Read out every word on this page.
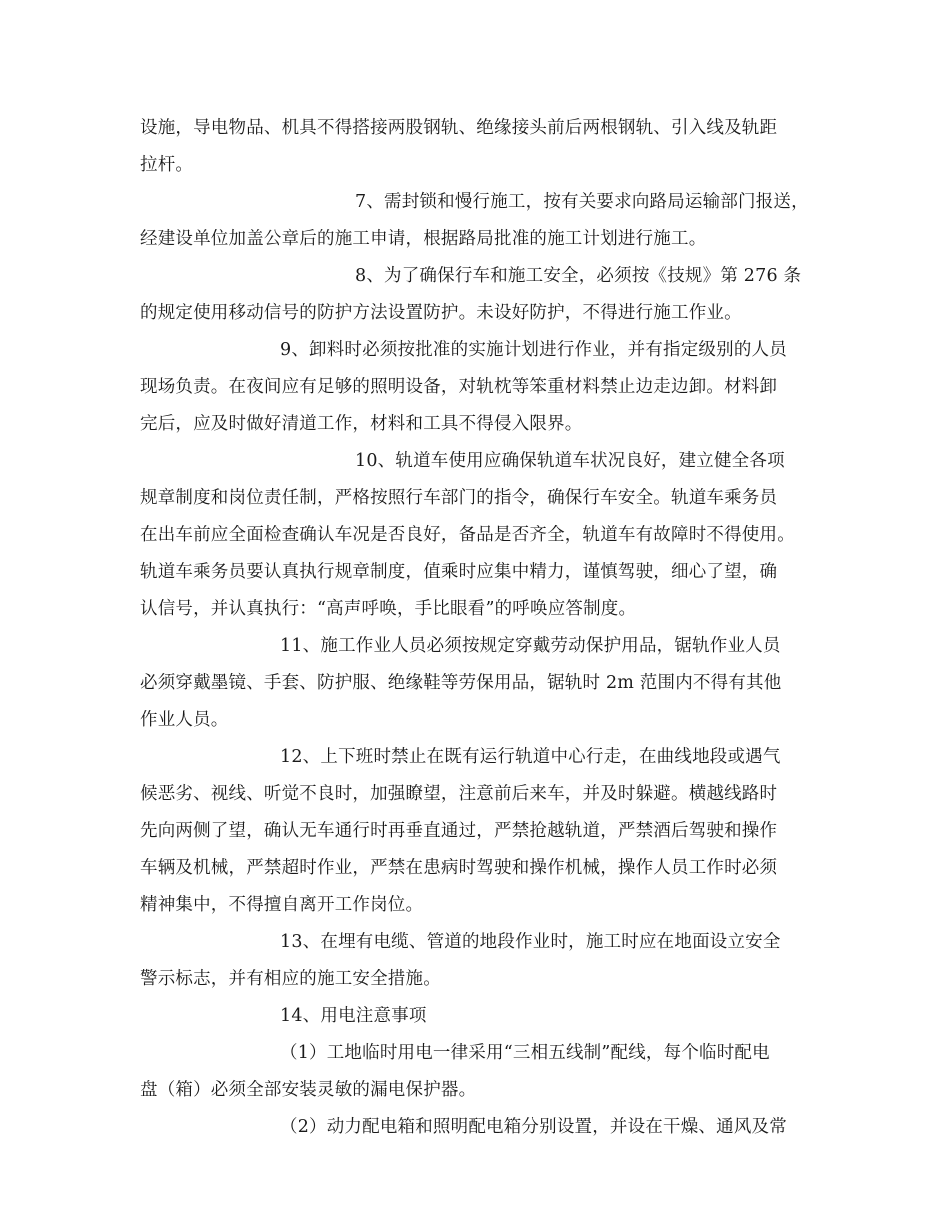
设施，导电物品、机具不得搭接两股钢轨、绝缘接头前后两根钢轨、引入线及轨距
拉杆。
7、需封锁和慢行施工，按有关要求向路局运输部门报送，
经建设单位加盖公章后的施工申请，根据路局批准的施工计划进行施工。
8、为了确保行车和施工安全，必须按《技规》第 276 条
的规定使用移动信号的防护方法设置防护。未设好防护，不得进行施工作业。
9、卸料时必须按批准的实施计划进行作业，并有指定级别的人员
现场负责。在夜间应有足够的照明设备，对轨枕等笨重材料禁止边走边卸。材料卸
完后，应及时做好清道工作，材料和工具不得侵入限界。
10、轨道车使用应确保轨道车状况良好，建立健全各项
规章制度和岗位责任制，严格按照行车部门的指令，确保行车安全。轨道车乘务员
在出车前应全面检查确认车况是否良好，备品是否齐全，轨道车有故障时不得使用。
轨道车乘务员要认真执行规章制度，值乘时应集中精力，谨慎驾驶，细心了望，确
认信号，并认真执行：“高声呼唤，手比眼看”的呼唤应答制度。
11、施工作业人员必须按规定穿戴劳动保护用品，锯轨作业人员
必须穿戴墨镜、手套、防护服、绝缘鞋等劳保用品，锯轨时 2m 范围内不得有其他
作业人员。
12、上下班时禁止在既有运行轨道中心行走，在曲线地段或遇气
候恶劣、视线、听觉不良时，加强瞭望，注意前后来车，并及时躲避。横越线路时
先向两侧了望，确认无车通行时再垂直通过，严禁抢越轨道，严禁酒后驾驶和操作
车辆及机械，严禁超时作业，严禁在患病时驾驶和操作机械，操作人员工作时必须
精神集中，不得擅自离开工作岗位。
13、在埋有电缆、管道的地段作业时，施工时应在地面设立安全
警示标志，并有相应的施工安全措施。
14、用电注意事项
（1）工地临时用电一律采用“三相五线制”配线，每个临时配电
盘（箱）必须全部安装灵敏的漏电保护器。
（2）动力配电箱和照明配电箱分别设置，并设在干燥、通风及常
